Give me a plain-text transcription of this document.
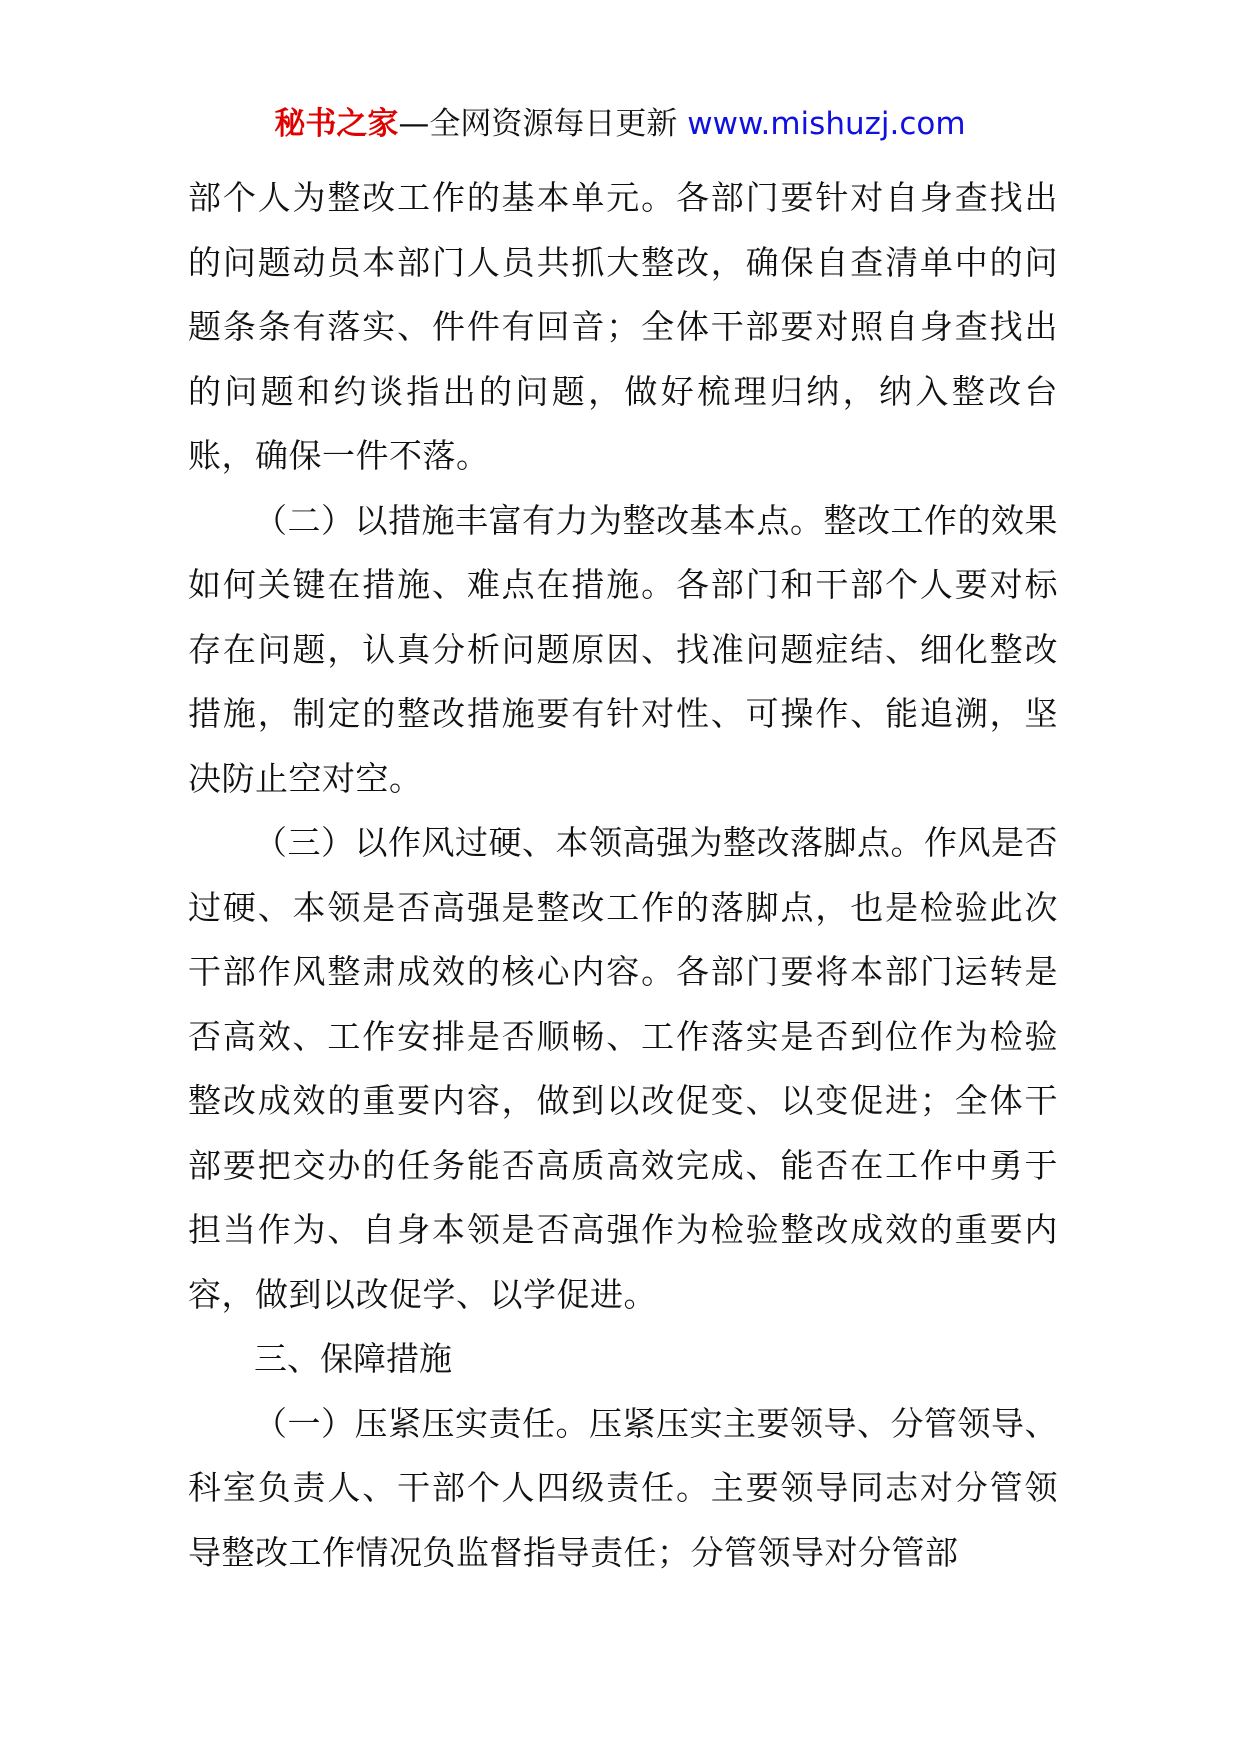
秘书之家—全网资源每日更新 www.mishuzj.com

部个人为整改工作的基本单元。各部门要针对自身查找出的问题动员本部门人员共抓大整改，确保自查清单中的问题条条有落实、件件有回音；全体干部要对照自身查找出的问题和约谈指出的问题，做好梳理归纳，纳入整改台账，确保一件不落。

（二）以措施丰富有力为整改基本点。整改工作的效果如何关键在措施、难点在措施。各部门和干部个人要对标存在问题，认真分析问题原因、找准问题症结、细化整改措施，制定的整改措施要有针对性、可操作、能追溯，坚决防止空对空。

（三）以作风过硬、本领高强为整改落脚点。作风是否过硬、本领是否高强是整改工作的落脚点，也是检验此次干部作风整肃成效的核心内容。各部门要将本部门运转是否高效、工作安排是否顺畅、工作落实是否到位作为检验整改成效的重要内容，做到以改促变、以变促进；全体干部要把交办的任务能否高质高效完成、能否在工作中勇于担当作为、自身本领是否高强作为检验整改成效的重要内容，做到以改促学、以学促进。

三、保障措施

（一）压紧压实责任。压紧压实主要领导、分管领导、科室负责人、干部个人四级责任。主要领导同志对分管领导整改工作情况负监督指导责任；分管领导对分管部
